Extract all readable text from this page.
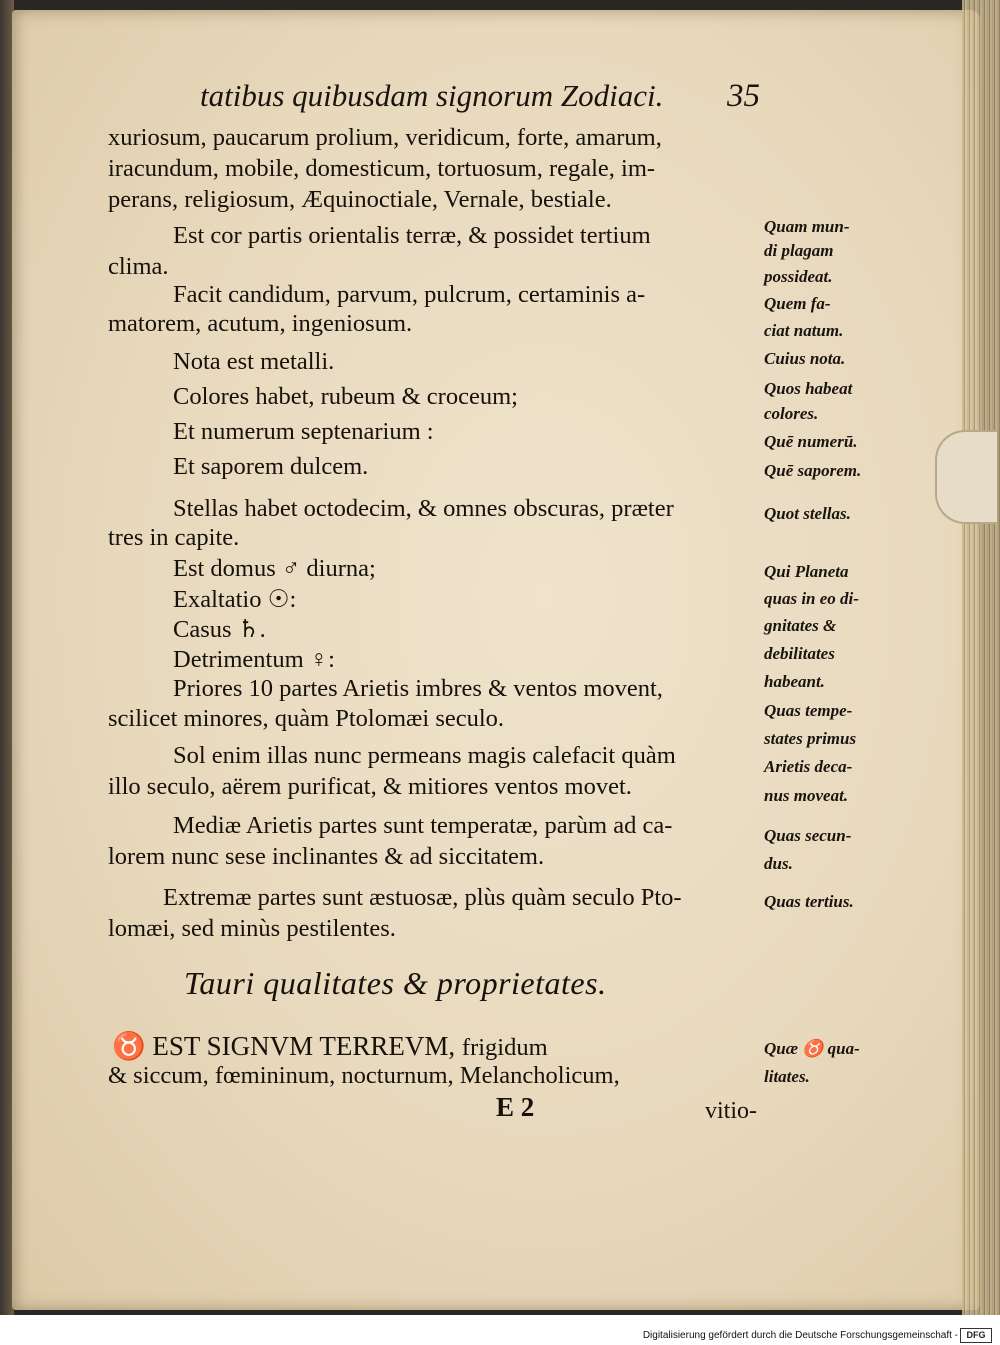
tatibus quibusdam signorum Zodiaci. 35
xuriosum, paucarum prolium, veridicum, forte, amarum,
iracundum, mobile, domesticum, tortuosum, regale, im-
perans, religiosum, Æquinoctiale, Vernale, bestiale.
Est cor partis orientalis terræ, & possidet tertium
clima.
Facit candidum, parvum, pulcrum, certaminis a-
matorem, acutum, ingeniosum.
Nota est metalli.
Colores habet, rubeum & croceum;
Et numerum septenarium :
Et saporem dulcem.
Stellas habet octodecim, & omnes obscuras, præter
tres in capite.
Est domus ♂ diurna;
Exaltatio ☉:
Casus ♄.
Detrimentum ♀:
Priores 10 partes Arietis imbres & ventos movent,
scilicet minores, quàm Ptolomæi seculo.
Sol enim illas nunc permeans magis calefacit quàm
illo seculo, aërem purificat, & mitiores ventos movet.
Mediæ Arietis partes sunt temperatæ, parùm ad ca-
lorem nunc sese inclinantes & ad siccitatem.
Extremæ partes sunt æstuosæ, plùs quàm seculo Pto-
lomæi, sed minùs pestilentes.
Quam mun-
di plagam
possideat.
Quem fa-
ciat natum.
Cuius nota.
Quos habeat
colores.
Quē numerū.
Quē saporem.
Quot stellas.
Qui Planeta
quas in eo di-
gnitates &
debilitates
habeant.
Quas tempe-
states primus
Arietis deca-
nus moveat.
Quas secun-
dus.
Quas tertius.
Quæ ♉ qua-
litates.
Tauri qualitates & proprietates.
♉ EST SIGNVM TERREVM, frigidum
& siccum, fœmininum, nocturnum, Melancholicum,
E 2	vitio-
Digitalisierung gefördert durch die Deutsche Forschungsgemeinschaft - DFG
